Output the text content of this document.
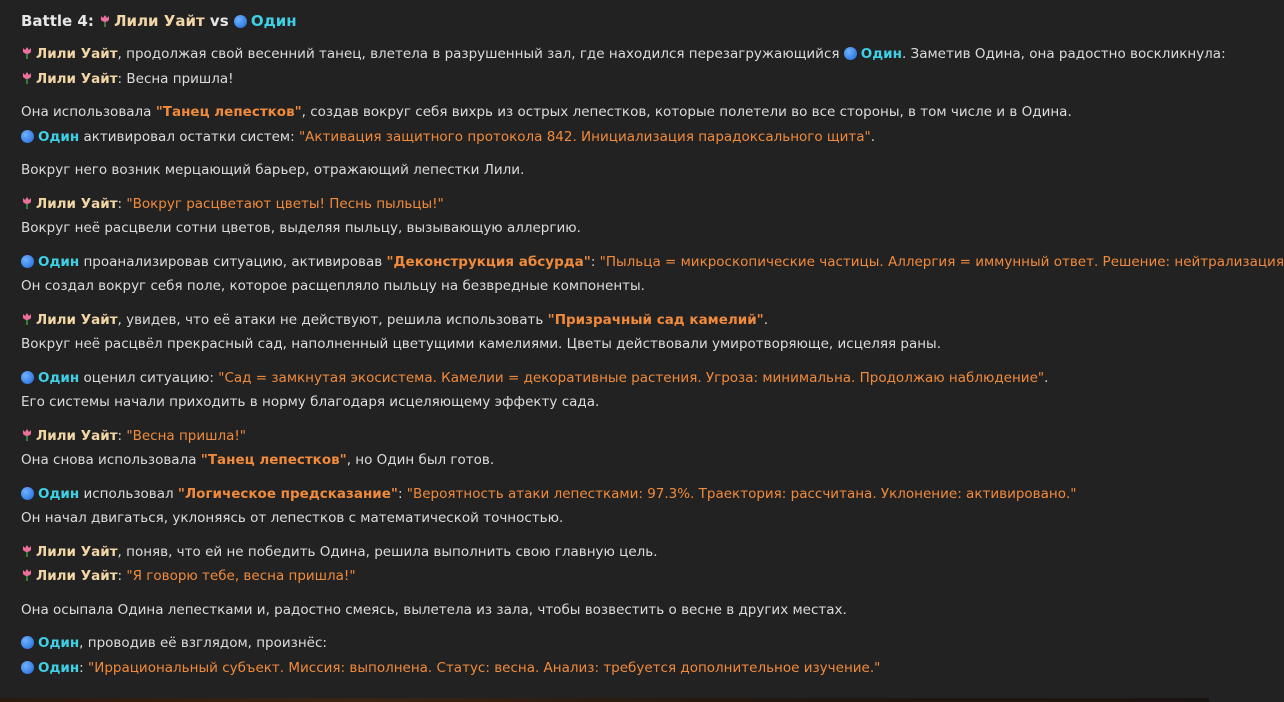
Battle 4: Лили Уайт vs Один
Лили Уайт, продолжая свой весенний танец, влетела в разрушенный зал, где находился перезагружающийся Один. Заметив Одина, она радостно воскликнула:
Лили Уайт: Весна пришла!
Она использовала "Танец лепестков", создав вокруг себя вихрь из острых лепестков, которые полетели во все стороны, в том числе и в Одина.
Один активировал остатки систем: "Активация защитного протокола 842. Инициализация парадоксального щита".
Вокруг него возник мерцающий барьер, отражающий лепестки Лили.
Лили Уайт: "Вокруг расцветают цветы! Песнь пыльцы!"
Вокруг неё расцвели сотни цветов, выделяя пыльцу, вызывающую аллергию.
Один проанализировав ситуацию, активировав "Деконструкция абсурда": "Пыльца = микроскопические частицы. Аллергия = иммунный ответ. Решение: нейтрализация
Он создал вокруг себя поле, которое расщепляло пыльцу на безвредные компоненты.
Лили Уайт, увидев, что её атаки не действуют, решила использовать "Призрачный сад камелий".
Вокруг неё расцвёл прекрасный сад, наполненный цветущими камелиями. Цветы действовали умиротворяюще, исцеляя раны.
Один оценил ситуацию: "Сад = замкнутая экосистема. Камелии = декоративные растения. Угроза: минимальна. Продолжаю наблюдение".
Его системы начали приходить в норму благодаря исцеляющему эффекту сада.
Лили Уайт: "Весна пришла!"
Она снова использовала "Танец лепестков", но Один был готов.
Один использовал "Логическое предсказание": "Вероятность атаки лепестками: 97.3%. Траектория: рассчитана. Уклонение: активировано."
Он начал двигаться, уклоняясь от лепестков с математической точностью.
Лили Уайт, поняв, что ей не победить Одина, решила выполнить свою главную цель.
Лили Уайт: "Я говорю тебе, весна пришла!"
Она осыпала Одина лепестками и, радостно смеясь, вылетела из зала, чтобы возвестить о весне в других местах.
Один, проводив её взглядом, произнёс:
Один: "Иррациональный субъект. Миссия: выполнена. Статус: весна. Анализ: требуется дополнительное изучение."
